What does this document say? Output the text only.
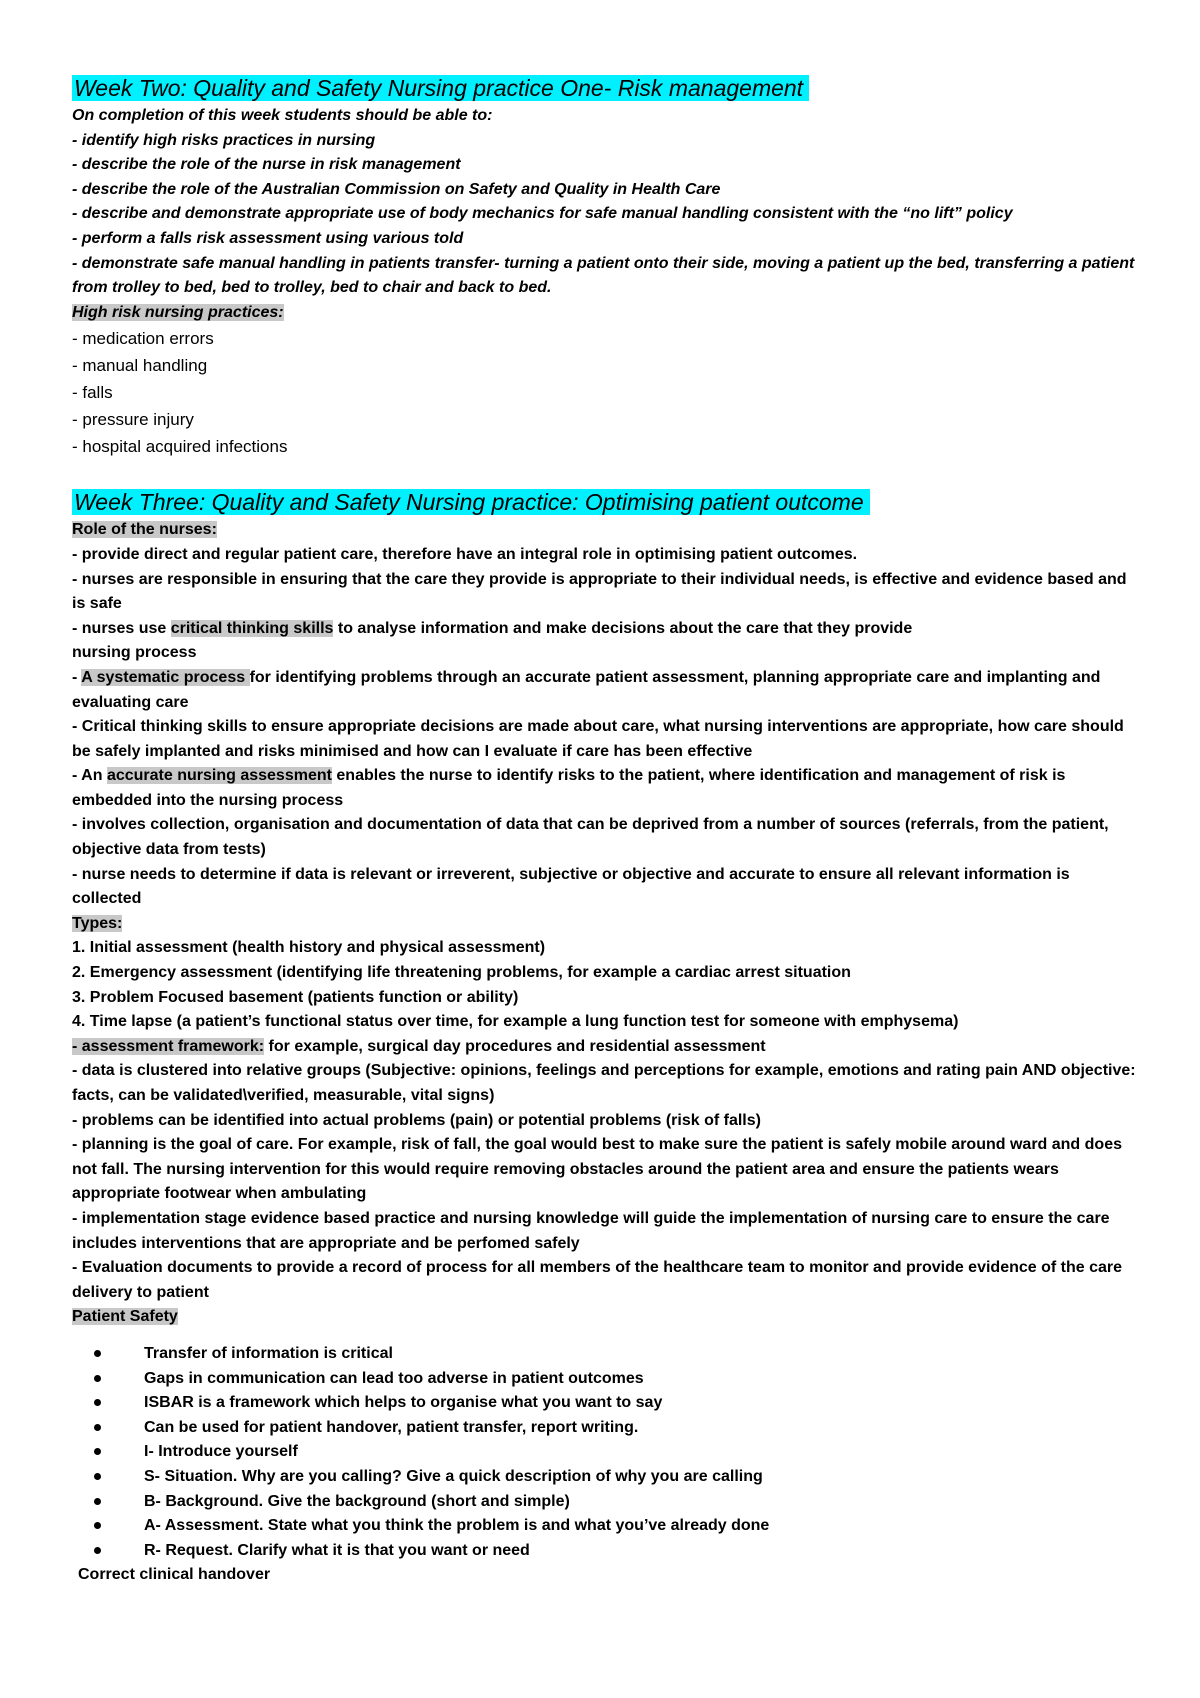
Week Two: Quality and Safety Nursing practice One- Risk management
On completion of this week students should be able to:
- identify high risks practices in nursing
- describe the role of the nurse in risk management
- describe the role of the Australian Commission on Safety and Quality in Health Care
- describe and demonstrate appropriate use of body mechanics for safe manual handling consistent with the “no lift” policy
- perform a falls risk assessment using various told
- demonstrate safe manual handling in patients transfer- turning a patient onto their side, moving a patient up the bed, transferring a patient from trolley to bed, bed to trolley, bed to chair and back to bed.
High risk nursing practices:
- medication errors
- manual handling
- falls
- pressure injury
- hospital acquired infections
Week Three: Quality and Safety Nursing practice: Optimising patient outcome
Role of the nurses:
- provide direct and regular patient care, therefore have an integral role in optimising patient outcomes.
- nurses are responsible in ensuring that the care they provide is appropriate to their individual needs, is effective and evidence based and is safe
- nurses use critical thinking skills to analyse information and make decisions about the care that they provide
nursing process
- A systematic process for identifying problems through an accurate patient assessment, planning appropriate care and implanting and evaluating care
- Critical thinking skills to ensure appropriate decisions are made about care, what nursing interventions are appropriate, how care should be safely implanted and risks minimised and how can I evaluate if care has been effective
- An accurate nursing assessment enables the nurse to identify risks to the patient, where identification and management of risk is embedded into the nursing process
- involves collection, organisation and documentation of data that can be deprived from a number of sources (referrals, from the patient, objective data from tests)
- nurse needs to determine if data is relevant or irreverent, subjective or objective and accurate to ensure all relevant information is collected
Types:
1. Initial assessment (health history and physical assessment)
2. Emergency assessment (identifying life threatening problems, for example a cardiac arrest situation
3. Problem Focused basement (patients function or ability)
4. Time lapse (a patient’s functional status over time, for example a lung function test for someone with emphysema)
- assessment framework: for example, surgical day procedures and residential assessment
- data is clustered into relative groups (Subjective: opinions, feelings and perceptions for example, emotions and rating pain AND objective: facts, can be validated\verified, measurable, vital signs)
- problems can be identified into actual problems (pain) or potential problems (risk of falls)
- planning is the goal of care. For example, risk of fall, the goal would best to make sure the patient is safely mobile around ward and does not fall. The nursing intervention for this would require removing obstacles around the patient area and ensure the patients wears appropriate footwear when ambulating
- implementation stage evidence based practice and nursing knowledge will guide the implementation of nursing care to ensure the care includes interventions that are appropriate and be perfomed safely
- Evaluation documents to provide a record of process for all members of the healthcare team to monitor and provide evidence of the care delivery to patient
Patient Safety
Transfer of information is critical
Gaps in communication can lead too adverse in patient outcomes
ISBAR is a framework which helps to organise what you want to say
Can be used for patient handover, patient transfer, report writing.
I- Introduce yourself
S- Situation. Why are you calling? Give a quick description of why you are calling
B- Background. Give the background (short and simple)
A- Assessment. State what you think the problem is and what you’ve already done
R- Request. Clarify what it is that you want or need
Correct clinical handover
